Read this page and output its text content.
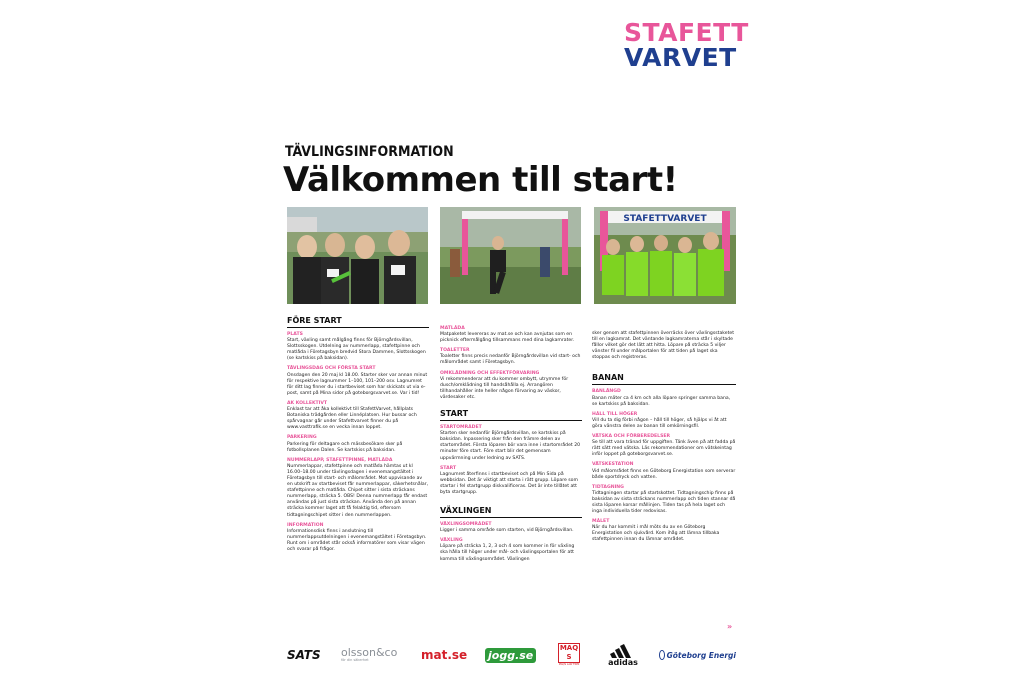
STAFETT
VARVET
TÄVLINGSINFORMATION
Välkommen till start!
STAFETTVARVET
FÖRE START
PLATS

Start, växling samt målgång finns för Björngårdsvillan, Slottsskogen. Utdelning av nummerlapp, stafettpinne och matlåda i Företagsbyn bredvid Stora Dammen, Slottsskogen (se kartskiss på baksidan).

TÄVLINGSDAG OCH FÖRSTA START

Onsdagen den 20 maj kl 18.00. Starter sker var annan minut för respektive lagnummer 1–100, 101–200 osv. Lagnumret för ditt lag finner du i startbeviset som har skickats ut via e-post, samt på Mina sidor på goteborgsvarvet.se. Var i tid!

AK KOLLEKTIVT

Enklast tar att åka kollektivt till StafettVarvet, hållplats Botaniska trädgården eller Linnéplatsen. Hur bussar och spårvagnar går under Stafettvarvet finner du på www.vasttrafik.se en vecka innan loppet.

PARKERING

Parkering för deltagare och mässbesökare sker på fotbollsplanen Dalen. Se kartskiss på baksidan.

NUMMERLAPP, STAFETTPINNE, MATLÅDA

Nummerlappar, stafettpinne och matlåda hämtas ut kl 16.00–18.00 under tävlingsdagen i evenemangstältet i Företagsbyn till start- och målområdet. Mot uppvisande av en utskrift av startbeviset får nummerlappar, säkerhetsnålar, stafettpinne och matlåda. Chipet sitter i sista sträckans nummerlapp, sträcka 5. OBS! Denna nummerlapp får endast användas på just sista sträckan. Använda den på annan sträcka kommer laget att få felaktig tid, eftersom tidtagningschipet sitter i den nummerlappen.

INFORMATION

Informationsdisk finns i anslutning till nummerlappsutdelningen i evenemangstältet i Företagsbyn. Runt om i området står också informatörer som visar vägen och svarar på frågor.

MATLÅDA

Matpaketet levereras av mat.se och kan avnjutas som en picknick eftermålgång tillsammans med dina lagkamrater.

TOALETTER

Toaletter finns precis nedanför Björngårdsvillan vid start- och målområdet samt i Företagsbyn.

OMKLÄDNING OCH EFFEKTFÖRVARING

Vi rekommenderar att du kommer ombytt, utrymme för dusch/omklädning till handsåhålla ej. Arrangören tillhandahåller inte heller någon förvaring av väskor, värdesaker etc.

START
STARTOMRÅDET

Starten sker nedanför Björngårdsvillan, se kartskiss på baksidan. Inpassering sker från den främre delen av startområdet. Första löparen bör vara inne i startområdet 20 minuter före start. Före start blir det gemensam uppvärmning under ledning av SATS.

START

Lagnumret återfinns i startbeviset och på Min Sida på webbsidan. Det är viktigt att starta i rätt grupp. Löpare som startar i fel startgrupp diskvalificeras. Det är inte tillåtet att byta startgrupp.

VÄXLINGEN
VÄXLINGSOMRÅDET

Ligger i samma område som starten, vid Björngårdsvillan.

VÄXLING

Löpare på sträcka 1, 2, 3 och 4 som kommer in för växling ska hålla till höger under mål- och växlingsportalen för att komma till växlingsområdet. Växlingen

sker genom att stafettpinnen överräcks över växlingsstaketet till en lagkamrat. Det väntande lagkamraterna står i skyltade fållor vilket gör det lätt att hitta. Löpare på sträcka 5 viljer vänster fil under målportalen för att tiden på laget ska stoppas och registreras.

BANAN
BANLÄNGD

Banan mäter ca 4 km och alla löpare springer samma bana, se kartskiss på baksidan.

HÅLL TILL HÖGER

Vill du ta dig förbi någon – håll till höger, så hjälps vi åt att göra vänstra delen av banan till omkörningsfil.

VÄTSKA OCH FÖRBEREDELSER

Se till att vara tränad för uppgiften. Tänk även på att fadda på rätt sätt med vätska. Läs rekommendationer om vätskeintag inför loppet på goteborgsvarvet.se.

VÄTSKESTATION

Vid målområdet finns en Göteborg Energistation som serverar både sportdryck och vatten.

TIDTAGNING

Tidtagningen startar på startskottet. Tidtagningschip finns på baksidan av sista sträckans nummerlapp och tiden stannar då sista löparen korsar mållinjen. Tiden tas på hela laget och inga individuella tider redovisas.

MÅLET

När du har kommit i mål möts du av en Göteborg Energistation och sjukvård. Kom ihåg att lämna tillbaka stafettpinnen innan du lämnar området.

»
SATS olsson&co
för din säkerhet	mat.se jogg.se
MAQS
MAQS LAW FIRM	adidas
Göteborg Energi
